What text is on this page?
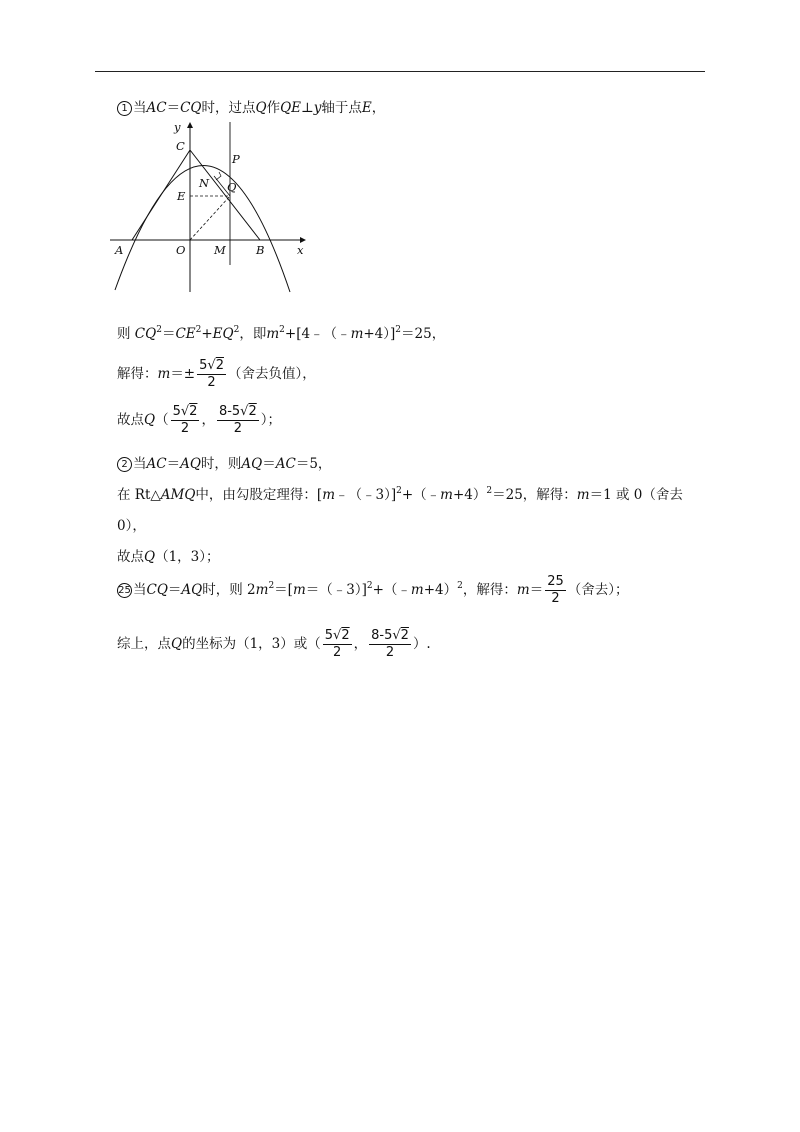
1 当AC＝CQ时，过点Q作QE⊥y轴于点E，
y
x
C
P
N Q
E
A	O M	B
则 $CQ^2=CE^2+EQ^2$，即$m^2+[4﹣(﹣m+4)]^2=25$，
解得：$m=\pm \frac{5√2}{2}$ （舍去负值），
故点$Q( \frac{5√2}{2}$ ， $\frac{8-5√2}{2}$ ）；
2 当AC＝AQ时，则AQ＝AC＝5，
在 Rt△AMQ中，由勾股定理得：[m﹣（﹣3）]$^2$+（﹣m+4）$^2$＝25，解得：m＝1 或 0（舍去
0），
故点Q（1，3）；
25 当CQ＝AQ时，则 $2m^2=[m=(﹣3)]^2+(﹣m+4)^2$，解得：$m= \frac{25}{2}$ （舍去）；
综上，点Q的坐标为（1，3）或（ $\frac{5√2}{2}$ ， $\frac{8-5√2}{2}$ ）.
